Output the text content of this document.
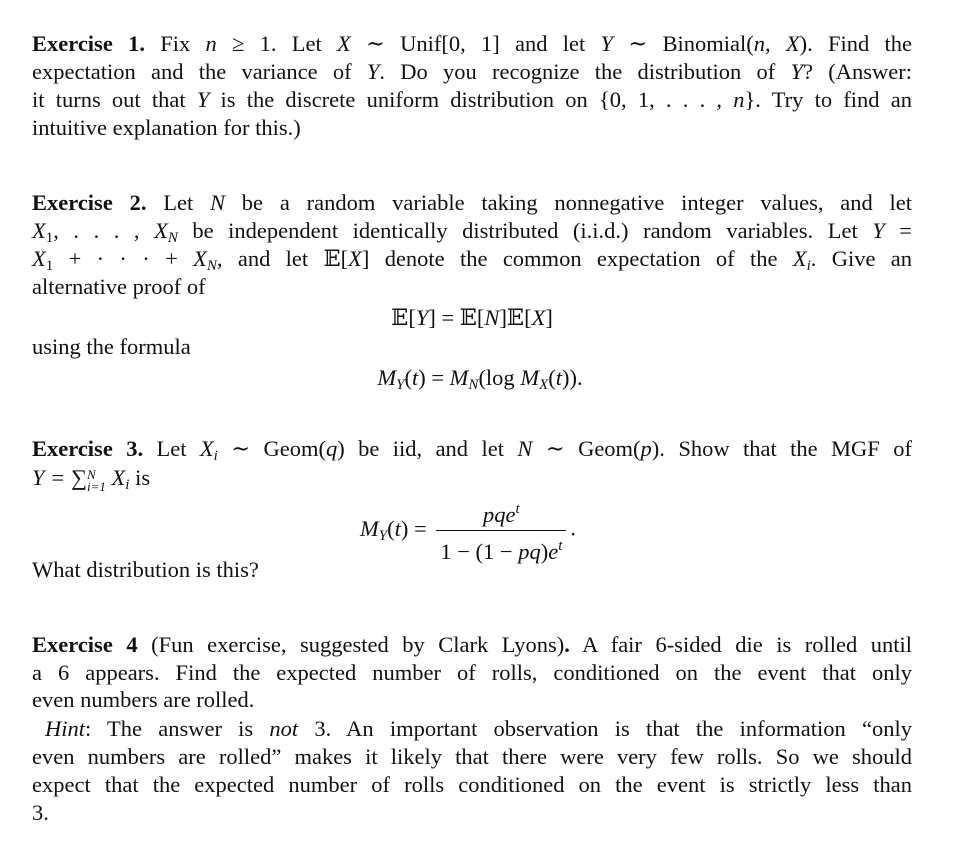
Exercise 1. Fix n ≥ 1. Let X ∼ Unif[0, 1] and let Y ∼ Binomial(n, X). Find the
expectation and the variance of Y. Do you recognize the distribution of Y? (Answer:
it turns out that Y is the discrete uniform distribution on {0, 1, . . . , n}. Try to find an
intuitive explanation for this.)
Exercise 2. Let N be a random variable taking nonnegative integer values, and let
$X_1$, . . . , XN be independent identically distributed (i.i.d.) random variables. Let Y =
$X_1$ + · · · + XN, and let 𝔼[X] denote the common expectation of the Xi. Give an
alternative proof of
𝔼[Y] = 𝔼[N]𝔼[X]
using the formula
MY(t) = MN(log MX(t)).
Exercise 3. Let Xi ∼ Geom(q) be iid, and let N ∼ Geom(p). Show that the MGF of
Y = ∑N
i=1 Xi is
$MY(t) = \frac{pqe^t}{1 - (1 - pq)e^t}$ .
What distribution is this?
Exercise 4 (Fun exercise, suggested by Clark Lyons). A fair 6-sided die is rolled until
a 6 appears. Find the expected number of rolls, conditioned on the event that only
even numbers are rolled.
Hint: The answer is not 3. An important observation is that the information “only
even numbers are rolled” makes it likely that there were very few rolls. So we should
expect that the expected number of rolls conditioned on the event is strictly less than
3.
